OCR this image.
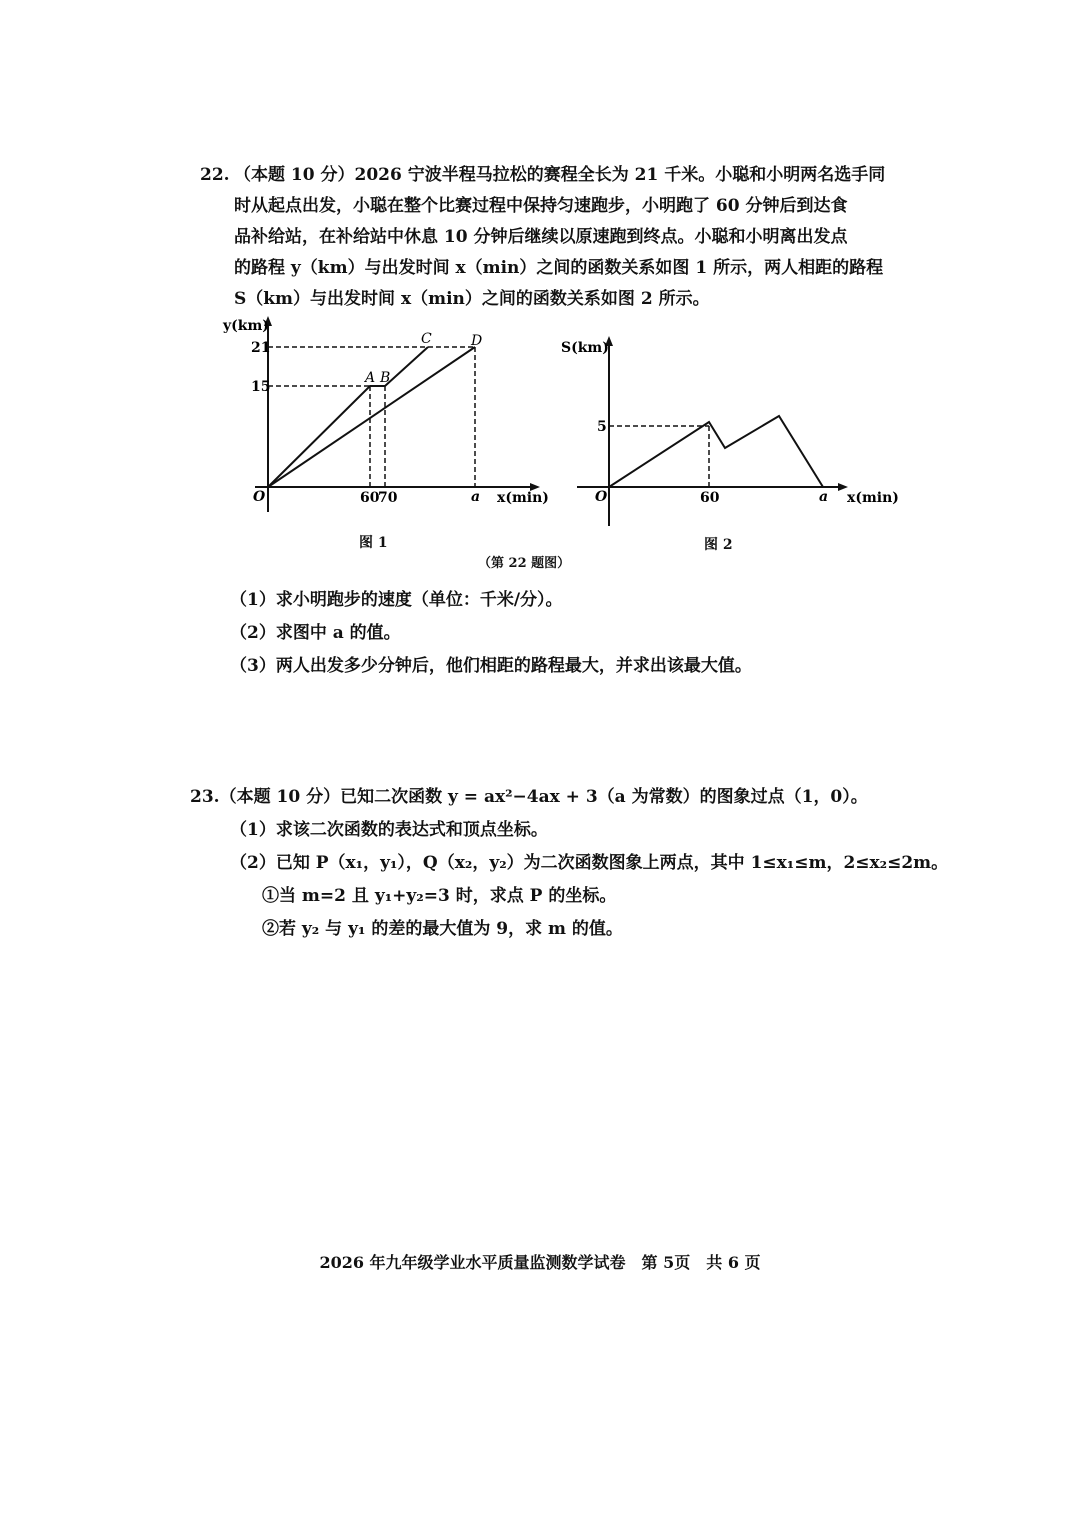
22. （本题 10 分）2026 宁波半程马拉松的赛程全长为 21 千米。小聪和小明两名选手同
时从起点出发，小聪在整个比赛过程中保持匀速跑步，小明跑了 60 分钟后到达食
品补给站，在补给站中休息 10 分钟后继续以原速跑到终点。小聪和小明离出发点
的路程 y（km）与出发时间 x（min）之间的函数关系如图 1 所示，两人相距的路程
S（km）与出发时间 x（min）之间的函数关系如图 2 所示。
y(km)
21
15
O	60
70	a x(min)
A B
C	D
图 1
S(km)
5
O	60	a x(min)
图 2
（第 22 题图）
（1）求小明跑步的速度（单位：千米/分）。
（2）求图中 a 的值。
（3）两人出发多少分钟后，他们相距的路程最大，并求出该最大值。
23.（本题 10 分）已知二次函数 y = ax²−4ax + 3（a 为常数）的图象过点（1，0）。
（1）求该二次函数的表达式和顶点坐标。
（2）已知 P（x₁，y₁），Q（x₂，y₂）为二次函数图象上两点，其中 1≤x₁≤m，2≤x₂≤2m。
①当 m=2 且 y₁+y₂=3 时，求点 P 的坐标。
②若 y₂ 与 y₁ 的差的最大值为 9，求 m 的值。
2026 年九年级学业水平质量监测数学试卷　第 5页　共 6 页
